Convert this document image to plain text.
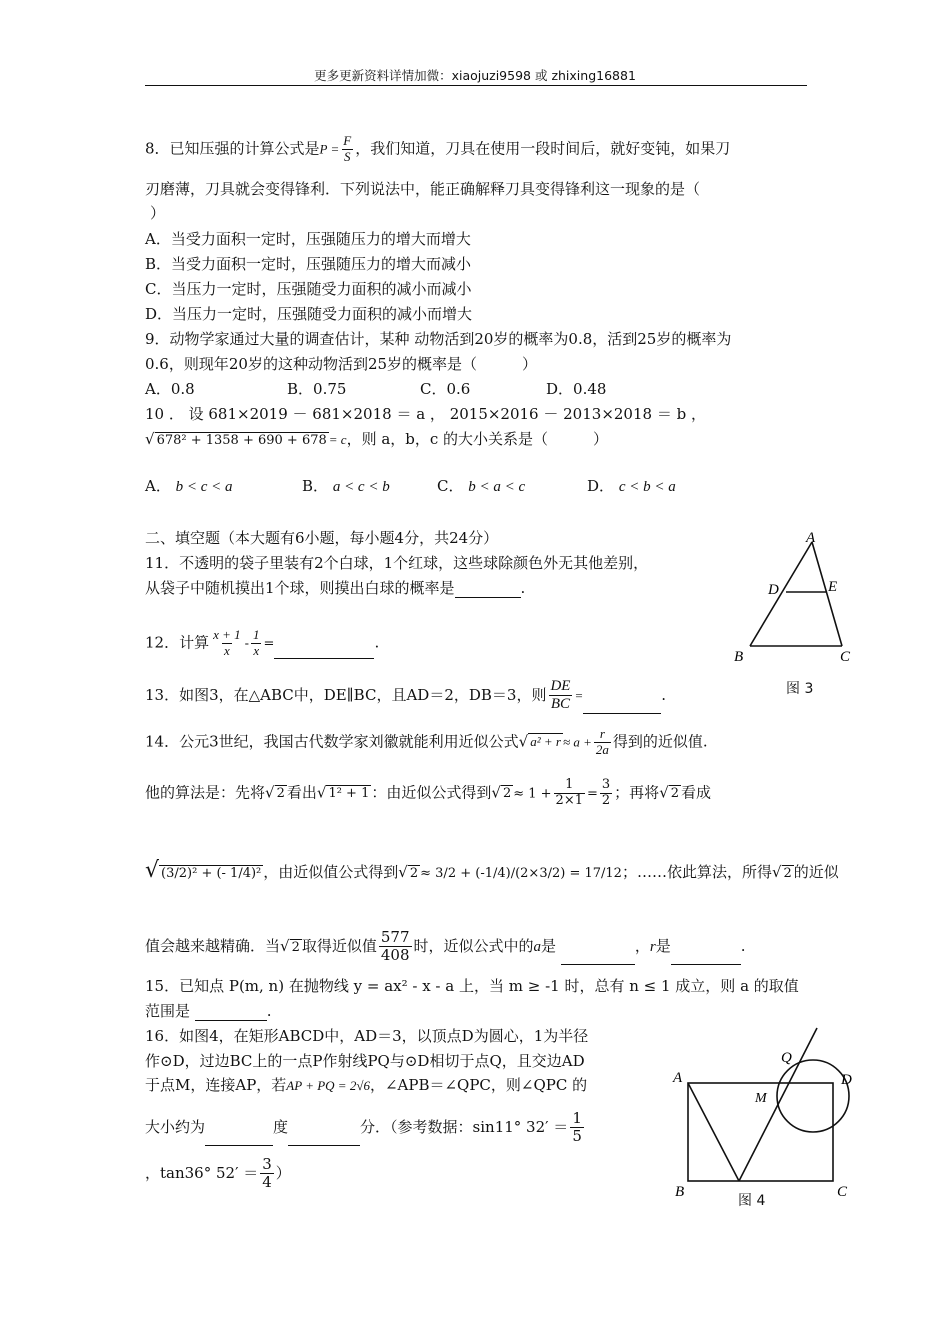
更多更新资料详情加微：xiaojuzi9598 或 zhixing16881
8．已知压强的计算公式是$P = \frac{F}{S}$ ，我们知道，刀具在使用一段时间后，就好变钝，如果刀
刃磨薄，刀具就会变得锋利．下列说法中，能正确解释刀具变得锋利这一现象的是（
）
A．当受力面积一定时，压强随压力的增大而增大
B．当受力面积一定时，压强随压力的增大而减小
C．当压力一定时，压强随受力面积的减小而减小
D．当压力一定时，压强随受力面积的减小而增大
9．动物学家通过大量的调查估计，某种 动物活到20岁的概率为0.8，活到25岁的概率为
0.6，则现年20岁的这种动物活到25岁的概率是（　　　）
A．0.8	B．0.75	C．0.6	D．0.48
10 ． 设 681×2019 － 681×2018 ＝ a ， 2015×2016 － 2013×2018 ＝ b ，
√ 678² + 1358 + 690 + 678 = c，则 a，b，c 的大小关系是（　　　）
A． b < c < a	B． a < c < b	C． b < a < c	D． c < b < a
二、填空题（本大题有6小题，每小题4分，共24分）
11．不透明的袋子里装有2个白球，1个红球，这些球除颜色外无其他差别，
从袋子中随机摸出1个球，则摸出白球的概率是	.
12．计算 $\frac{x + 1}{x} - \frac{1}{x}$ =	.
13．如图3，在△ABC中，DE∥BC，且AD＝2，DB＝3，则 $\frac{DE}{BC}$ =	.
14．公元3世纪，我国古代数学家刘徽就能利用近似公式√ $a^2 + r \approx a + \frac{r}{2a}$ 得到的近似值.
他的算法是：先将√ 2 看出√ 1² + 1 ：由近似公式得到√ $2 \approx 1 + \frac{1}{2\times 1} = \frac{3}{2}$ ；再将√ 2 看成
√ (3/2)² + (- 1/4)² ，由近似值公式得到√ 2 ≈ 3/2 + (-1/4)/(2×3/2) = 17/12；……依此算法，所得√ 2 的近似
值会越来越精确．当√ 2 取得近似值 $\frac{577}{408}$ 时，近似公式中的a是	，r是	.
15．已知点 P(m, n) 在抛物线 y = ax² - x - a 上，当 m ≥ -1 时，总有 n ≤ 1 成立，则 a 的取值
范围是	.
16．如图4，在矩形ABCD中，AD＝3，以顶点D为圆心，1为半径
作⊙D，过边BC上的一点P作射线PQ与⊙D相切于点Q，且交边AD
于点M，连接AP，若AP + PQ = 2√6，∠APB＝∠QPC，则∠QPC 的
大小约为	度	分．（参考数据：sin11° $32' = \frac{1}{5}$
，tan36° $52' = \frac{3}{4}$ ）
A
D	E
B	C
图 3
A
Q
M
D
B	C
图 4
